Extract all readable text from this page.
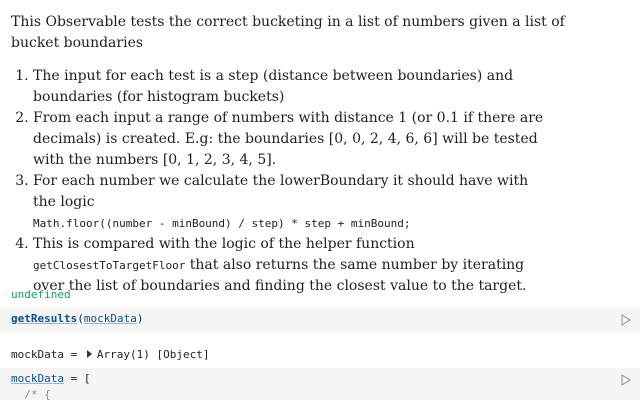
This Observable tests the correct bucketing in a list of numbers given a list of bucket boundaries
1. The input for each test is a step (distance between boundaries) and boundaries (for histogram buckets)
2. From each input a range of numbers with distance 1 (or 0.1 if there are decimals) is created. E.g: the boundaries [0, 0, 2, 4, 6, 6] will be tested with the numbers [0, 1, 2, 3, 4, 5].
3. For each number we calculate the lowerBoundary it should have with the logic
Math.floor((number - minBound) / step) * step + minBound;
4. This is compared with the logic of the helper function getClosestToTargetFloor that also returns the same number by iterating over the list of boundaries and finding the closest value to the target.
undefined
getResults(mockData)
mockData = Array(1) [Object]
mockData = [
/* {
